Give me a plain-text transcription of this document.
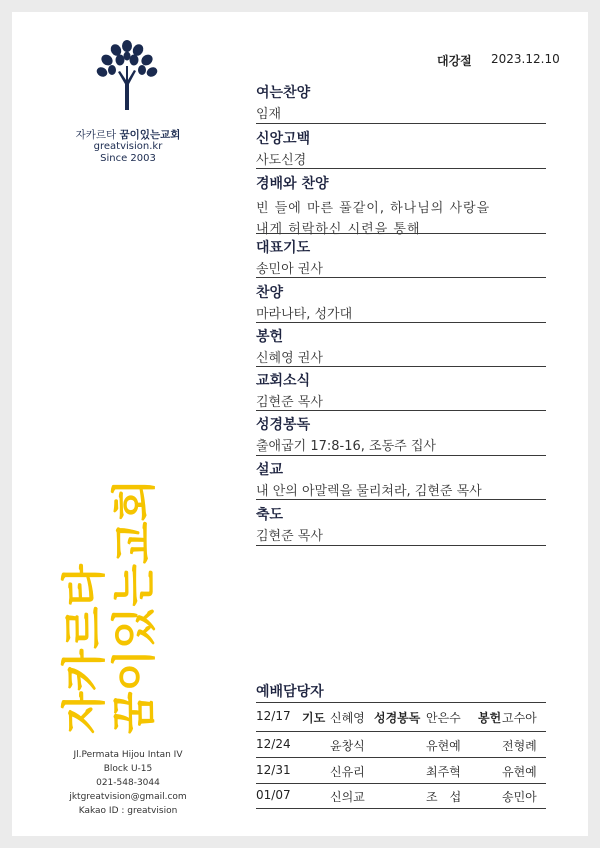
자카르타 꿈이있는교회
greatvision.kr
Since 2003
자카르타 꿈이있는교회
Jl.Permata Hijou Intan IV
Block U-15
021-548-3044
jktgreatvision@gmail.com
Kakao ID : greatvision
대강절 2023.12.10
여는찬양
임재
신앙고백
사도신경
경배와 찬양
빈 들에 마른 풀같이, 하나님의 사랑을
내게 허락하신 시련을 통해
대표기도
송민아 권사
찬양
마라나타, 성가대
봉헌
신혜영 권사
교회소식
김현준 목사
성경봉독
출애굽기 17:8-16, 조동주 집사
설교
내 안의 아말렉을 물리쳐라, 김현준 목사
축도
김현준 목사
예배담당자
12/17 기도 신혜영 성경봉독 안은수 봉헌 고수아
12/24	윤창식	유현예	전형례
12/31	신유리	최주혁	유현예
01/07	신의교	조　섭	송민아
